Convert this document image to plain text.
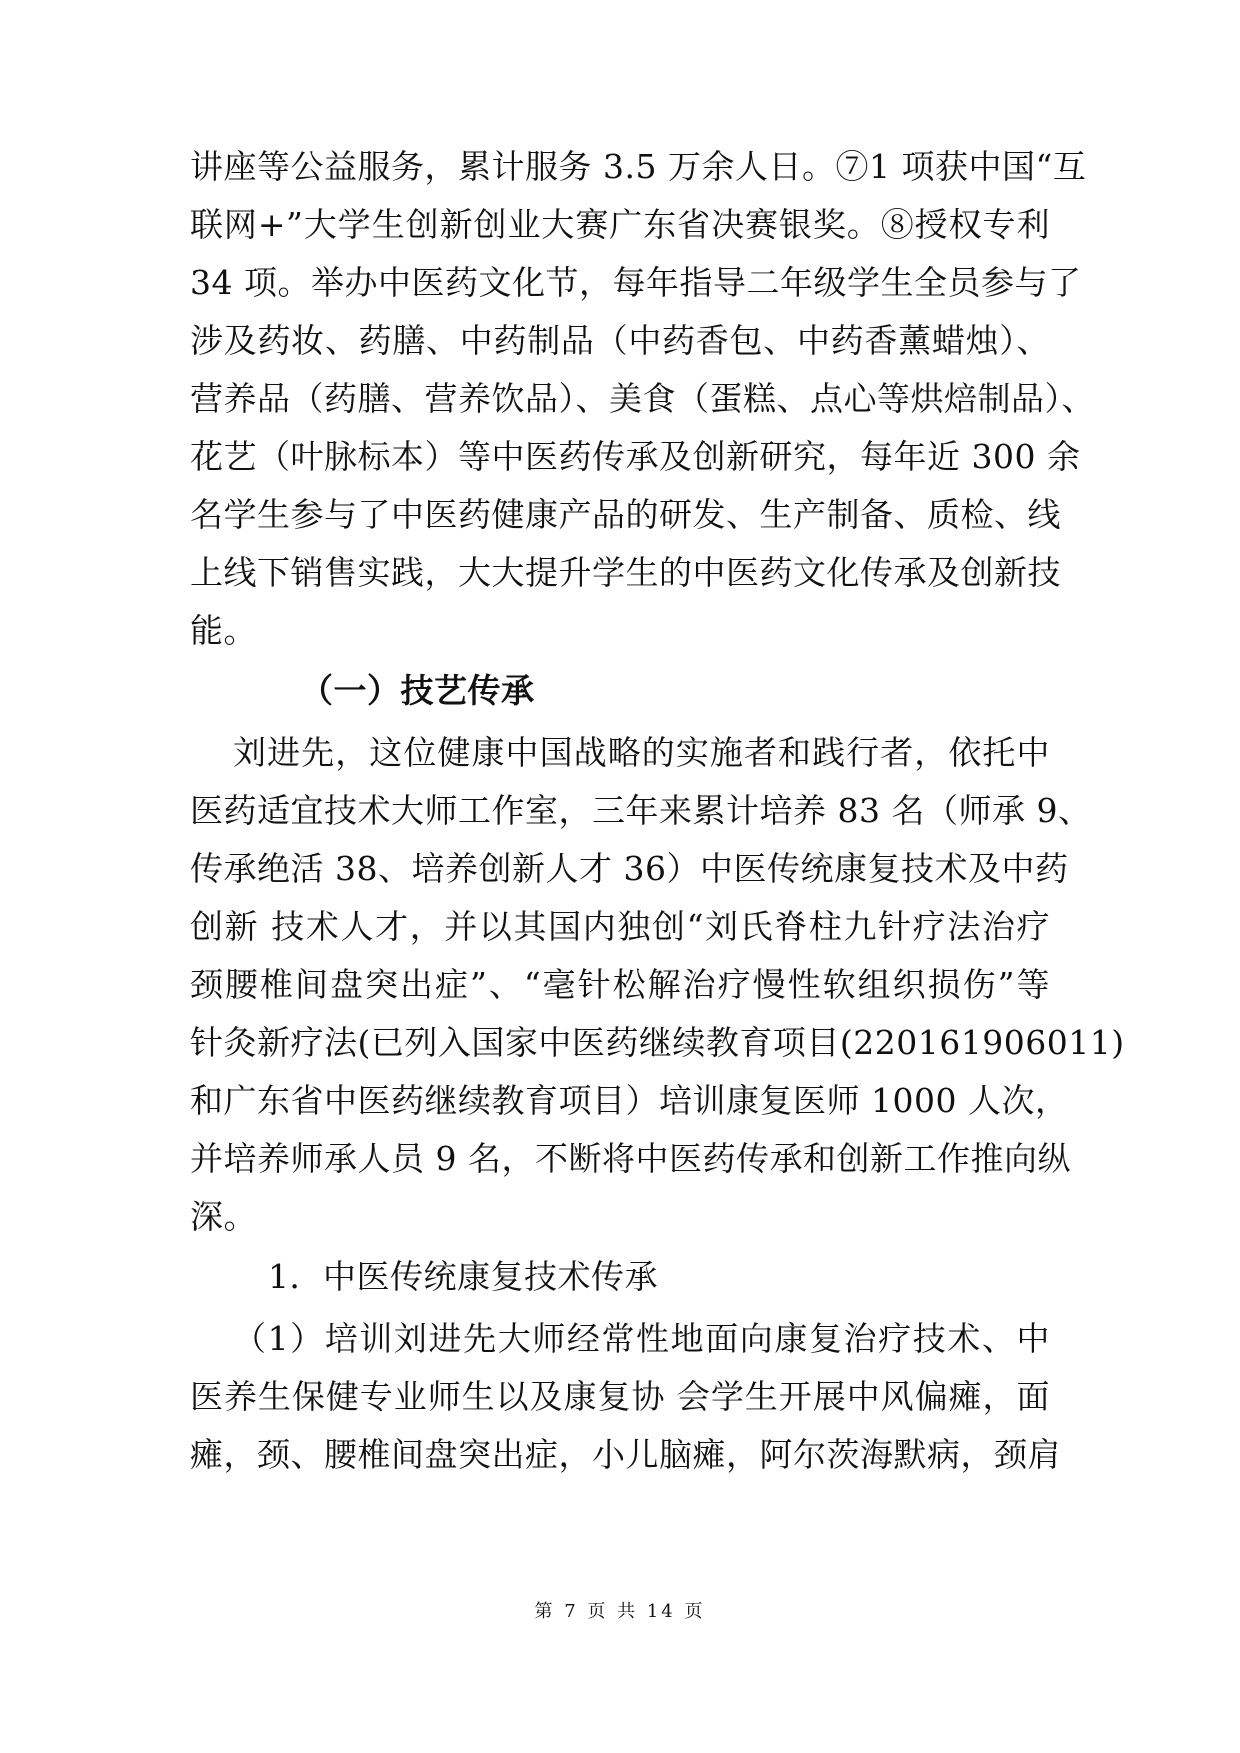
讲座等公益服务，累计服务 3.5 万余人日。⑦1 项获中国“互
联网+”大学生创新创业大赛广东省决赛银奖。⑧授权专利
34 项。举办中医药文化节，每年指导二年级学生全员参与了
涉及药妆、药膳、中药制品（中药香包、中药香薰蜡烛）、
营养品（药膳、营养饮品）、美食（蛋糕、点心等烘焙制品）、
花艺（叶脉标本）等中医药传承及创新研究，每年近 300 余
名学生参与了中医药健康产品的研发、生产制备、质检、线
上线下销售实践，大大提升学生的中医药文化传承及创新技
能。
（一）技艺传承
刘进先，这位健康中国战略的实施者和践行者，依托中
医药适宜技术大师工作室，三年来累计培养 83 名（师承 9、
传承绝活 38、培养创新人才 36）中医传统康复技术及中药
创新 技术人才，并以其国内独创“刘氏脊柱九针疗法治疗
颈腰椎间盘突出症”、“毫针松解治疗慢性软组织损伤”等
针灸新疗法(已列入国家中医药继续教育项目(220161906011)
和广东省中医药继续教育项目）培训康复医师 1000 人次，
并培养师承人员 9 名，不断将中医药传承和创新工作推向纵
深。
1．中医传统康复技术传承
（1）培训刘进先大师经常性地面向康复治疗技术、中
医养生保健专业师生以及康复协 会学生开展中风偏瘫，面
瘫，颈、腰椎间盘突出症，小儿脑瘫，阿尔茨海默病，颈肩
第 7 页 共 14 页
